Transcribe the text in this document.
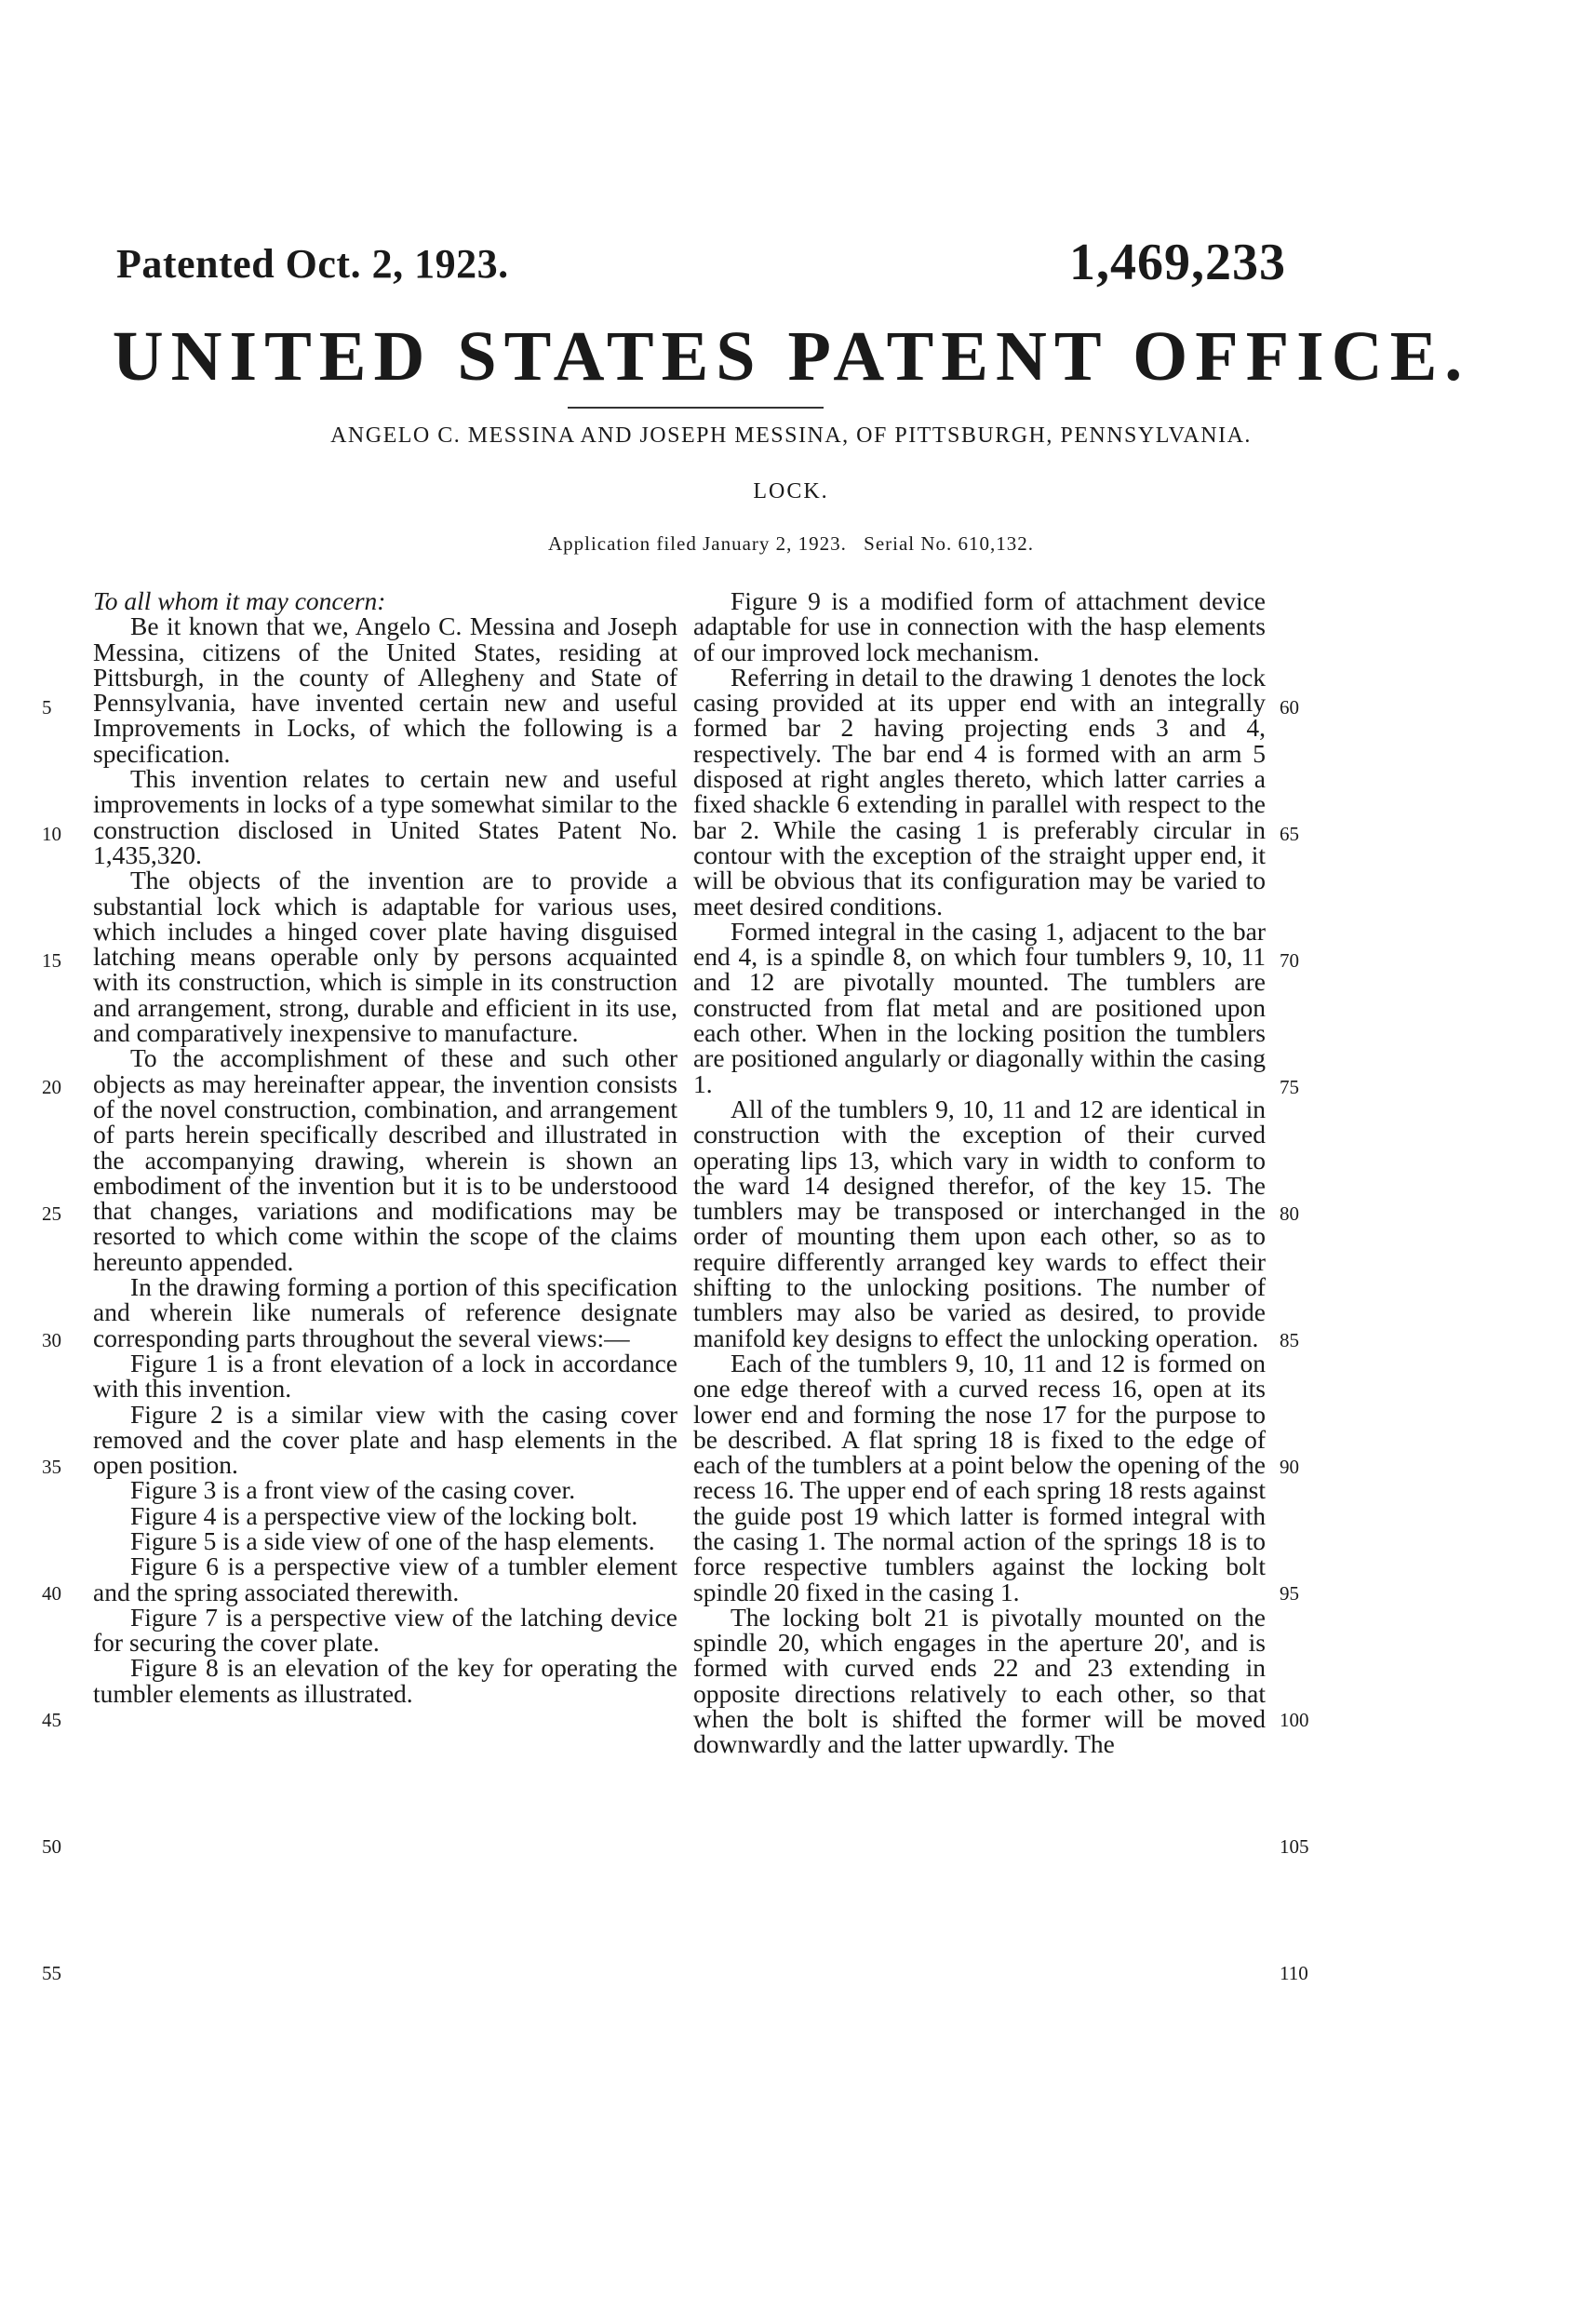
Patented Oct. 2, 1923.	1,469,233
UNITED STATES PATENT OFFICE.
ANGELO C. MESSINA AND JOSEPH MESSINA, OF PITTSBURGH, PENNSYLVANIA.
LOCK.
Application filed January 2, 1923. Serial No. 610,132.

To all whom it may concern:

Be it known that we, Angelo C. Messina and Joseph Messina, citizens of the United States, residing at Pittsburgh, in the county of Allegheny and State of Pennsylvania, have invented certain new and useful Improvements in Locks, of which the following is a specification.

This invention relates to certain new and useful improvements in locks of a type somewhat similar to the construction disclosed in United States Patent No. 1,435,320.

The objects of the invention are to provide a substantial lock which is adaptable for various uses, which includes a hinged cover plate having disguised latching means operable only by persons acquainted with its construction, which is simple in its construction and arrangement, strong, durable and efficient in its use, and comparatively inexpensive to manufacture.

To the accomplishment of these and such other objects as may hereinafter appear, the invention consists of the novel construction, combination, and arrangement of parts herein specifically described and illustrated in the accompanying drawing, wherein is shown an embodiment of the invention but it is to be understoood that changes, variations and modifications may be resorted to which come within the scope of the claims hereunto appended.

In the drawing forming a portion of this specification and wherein like numerals of reference designate corresponding parts throughout the several views:—

Figure 1 is a front elevation of a lock in accordance with this invention.

Figure 2 is a similar view with the casing cover removed and the cover plate and hasp elements in the open position.

Figure 3 is a front view of the casing cover.

Figure 4 is a perspective view of the locking bolt.

Figure 5 is a side view of one of the hasp elements.

Figure 6 is a perspective view of a tumbler element and the spring associated therewith.

Figure 7 is a perspective view of the latching device for securing the cover plate.

Figure 8 is an elevation of the key for operating the tumbler elements as illustrated.

Figure 9 is a modified form of attachment device adaptable for use in connection with the hasp elements of our improved lock mechanism.

Referring in detail to the drawing 1 denotes the lock casing provided at its upper end with an integrally formed bar 2 having projecting ends 3 and 4, respectively. The bar end 4 is formed with an arm 5 disposed at right angles thereto, which latter carries a fixed shackle 6 extending in parallel with respect to the bar 2. While the casing 1 is preferably circular in contour with the exception of the straight upper end, it will be obvious that its configuration may be varied to meet desired conditions.

Formed integral in the casing 1, adjacent to the bar end 4, is a spindle 8, on which four tumblers 9, 10, 11 and 12 are pivotally mounted. The tumblers are constructed from flat metal and are positioned upon each other. When in the locking position the tumblers are positioned angularly or diagonally within the casing 1.

All of the tumblers 9, 10, 11 and 12 are identical in construction with the exception of their curved operating lips 13, which vary in width to conform to the ward 14 designed therefor, of the key 15. The tumblers may be transposed or interchanged in the order of mounting them upon each other, so as to require differently arranged key wards to effect their shifting to the unlocking positions. The number of tumblers may also be varied as desired, to provide manifold key designs to effect the unlocking operation.

Each of the tumblers 9, 10, 11 and 12 is formed on one edge thereof with a curved recess 16, open at its lower end and forming the nose 17 for the purpose to be described. A flat spring 18 is fixed to the edge of each of the tumblers at a point below the opening of the recess 16. The upper end of each spring 18 rests against the guide post 19 which latter is formed integral with the casing 1. The normal action of the springs 18 is to force respective tumblers against the locking bolt spindle 20 fixed in the casing 1.

The locking bolt 21 is pivotally mounted on the spindle 20, which engages in the aperture 20', and is formed with curved ends 22 and 23 extending in opposite directions relatively to each other, so that when the bolt is shifted the former will be moved downwardly and the latter upwardly. The

5
10
15
20
25
30
35
40
45
50
55
60
65
70
75
80
85
90
95
100
105
110
